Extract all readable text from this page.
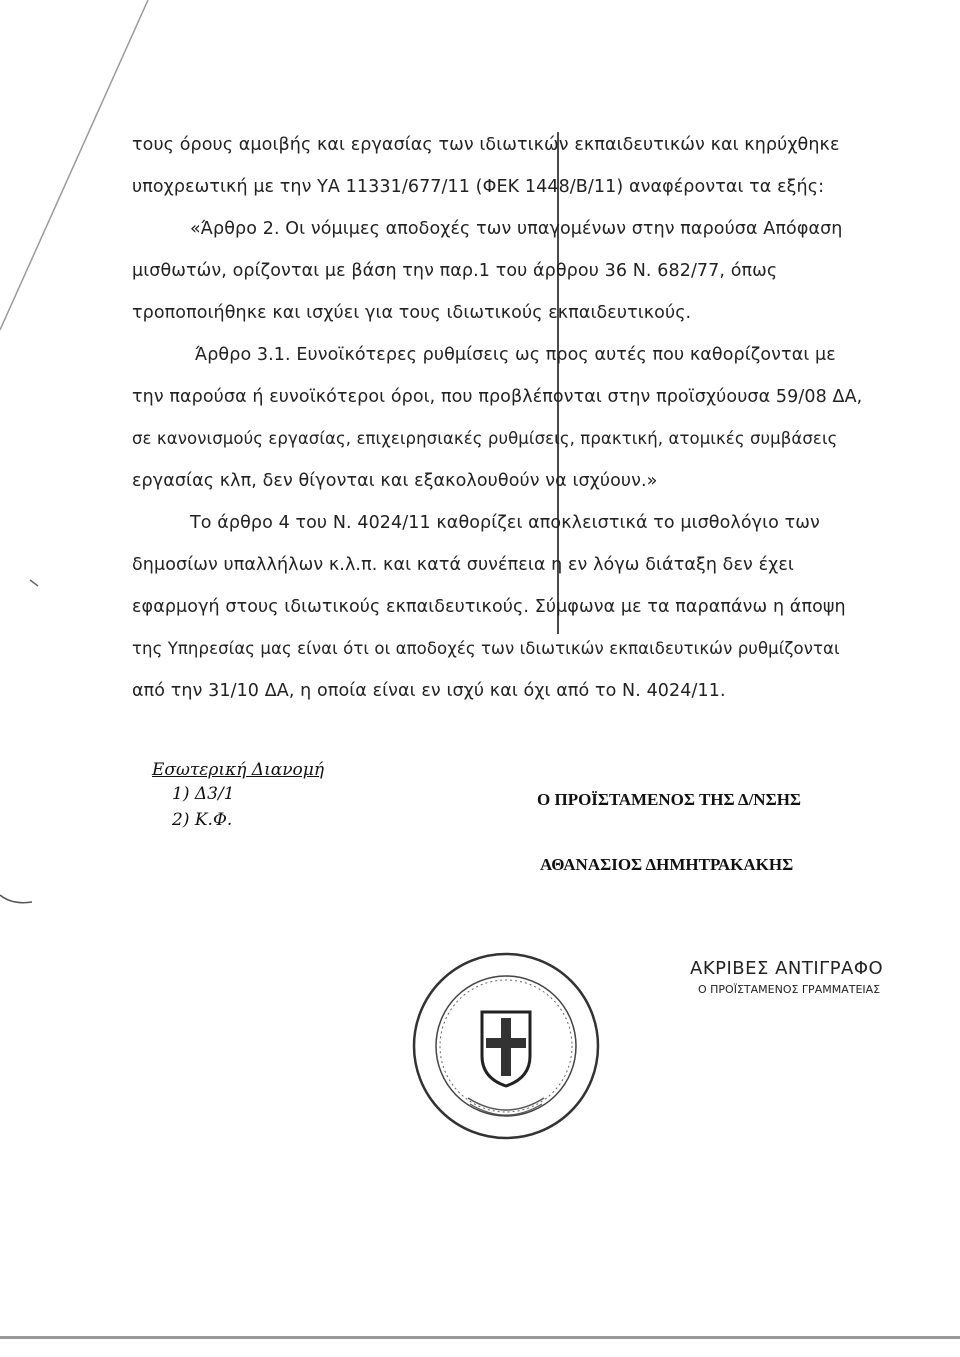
τους όρους αμοιβής και εργασίας των ιδιωτικών εκπαιδευτικών και κηρύχθηκε
υποχρεωτική με την ΥΑ 11331/677/11 (ΦΕΚ 1448/Β/11) αναφέρονται τα εξής:
«Άρθρο 2. Οι νόμιμες αποδοχές των υπαγομένων στην παρούσα Απόφαση
μισθωτών, ορίζονται με βάση την παρ.1 του άρθρου 36 Ν. 682/77, όπως
τροποποιήθηκε και ισχύει για τους ιδιωτικούς εκπαιδευτικούς.
Άρθρο 3.1. Ευνοϊκότερες ρυθμίσεις ως προς αυτές που καθορίζονται με
την παρούσα ή ευνοϊκότεροι όροι, που προβλέπονται στην προϊσχύουσα 59/08 ΔΑ,
σε κανονισμούς εργασίας, επιχειρησιακές ρυθμίσεις, πρακτική, ατομικές συμβάσεις
εργασίας κλπ, δεν θίγονται και εξακολουθούν να ισχύουν.»
Το άρθρο 4 του Ν. 4024/11 καθορίζει αποκλειστικά το μισθολόγιο των
δημοσίων υπαλλήλων κ.λ.π. και κατά συνέπεια η εν λόγω διάταξη δεν έχει
εφαρμογή στους ιδιωτικούς εκπαιδευτικούς. Σύμφωνα με τα παραπάνω η άποψη
της Υπηρεσίας μας είναι ότι οι αποδοχές των ιδιωτικών εκπαιδευτικών ρυθμίζονται
από την 31/10 ΔΑ, η οποία είναι εν ισχύ και όχι από το Ν. 4024/11.
Εσωτερική Διανομή
1) Δ3/1
2) Κ.Φ.
Ο ΠΡΟΪΣΤΑΜΕΝΟΣ ΤΗΣ Δ/ΝΣΗΣ
ΑΘΑΝΑΣΙΟΣ ΔΗΜΗΤΡΑΚΑΚΗΣ
ΑΚΡΙΒΕΣ ΑΝΤΙΓΡΑΦΟ
Ο ΠΡΟΪΣΤΑΜΕΝΟΣ ΓΡΑΜΜΑΤΕΙΑΣ
